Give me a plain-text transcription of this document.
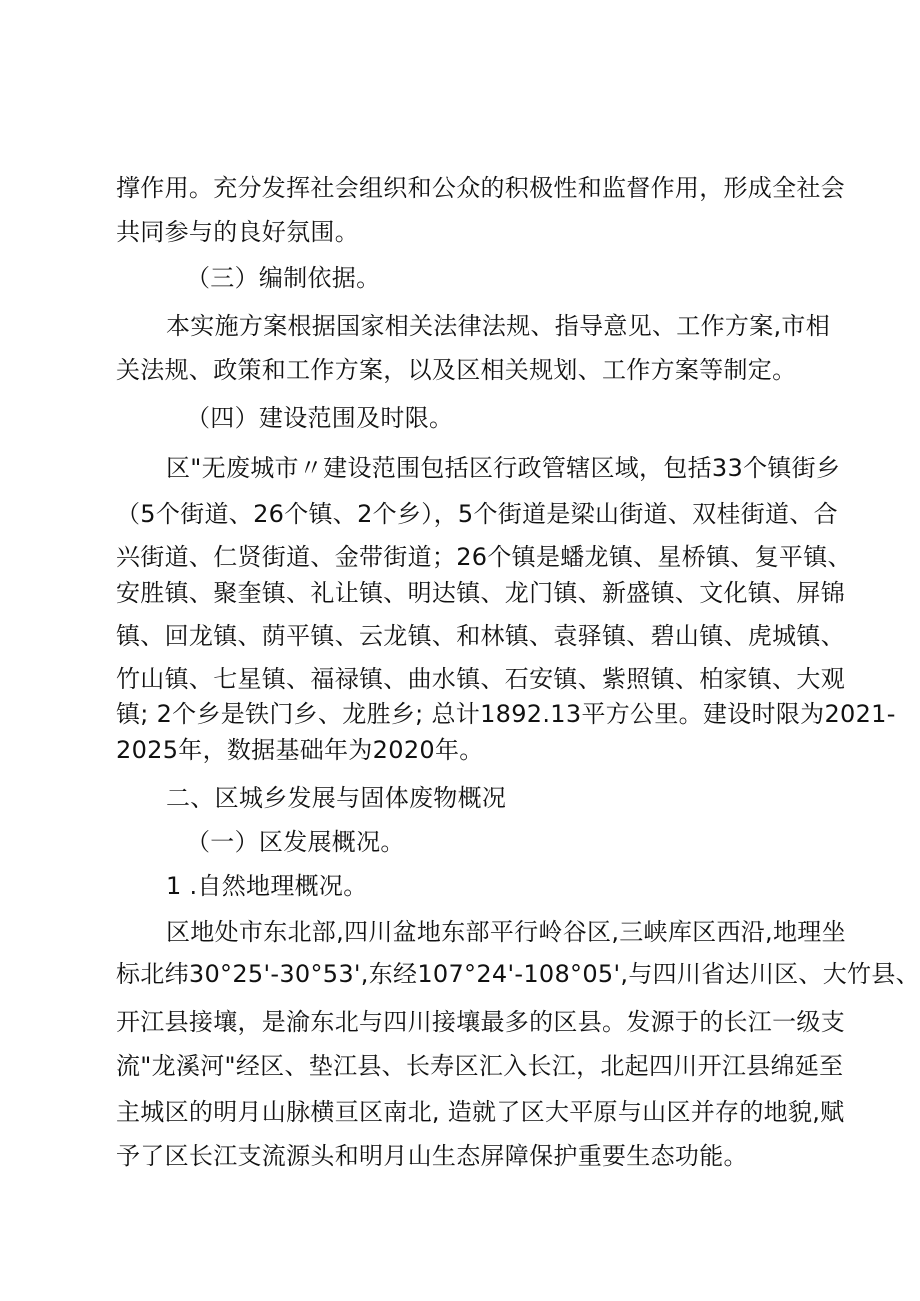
撑作用。充分发挥社会组织和公众的积极性和监督作用，形成全社会
共同参与的良好氛围。
（三）编制依据。
本实施方案根据国家相关法律法规、指导意见、工作方案,市相
关法规、政策和工作方案，以及区相关规划、工作方案等制定。
（四）建设范围及时限。
区"无废城市〃建设范围包括区行政管辖区域，包括33个镇街乡
（5个街道、26个镇、2个乡），5个街道是梁山街道、双桂街道、合
兴街道、仁贤街道、金带街道；26个镇是蟠龙镇、星桥镇、复平镇、
安胜镇、聚奎镇、礼让镇、明达镇、龙门镇、新盛镇、文化镇、屏锦
镇、回龙镇、荫平镇、云龙镇、和林镇、袁驿镇、碧山镇、虎城镇、
竹山镇、七星镇、福禄镇、曲水镇、石安镇、紫照镇、柏家镇、大观
镇; 2个乡是铁门乡、龙胜乡; 总计1892.13平方公里。建设时限为2021-
2025年，数据基础年为2020年。
二、区城乡发展与固体废物概况
（一）区发展概况。
1 .自然地理概况。
区地处市东北部,四川盆地东部平行岭谷区,三峡库区西沿,地理坐
标北纬30°25'-30°53',东经107°24'-108°05',与四川省达川区、大竹县、
开江县接壤，是渝东北与四川接壤最多的区县。发源于的长江一级支
流"龙溪河"经区、垫江县、长寿区汇入长江，北起四川开江县绵延至
主城区的明月山脉横亘区南北, 造就了区大平原与山区并存的地貌,赋
予了区长江支流源头和明月山生态屏障保护重要生态功能。
